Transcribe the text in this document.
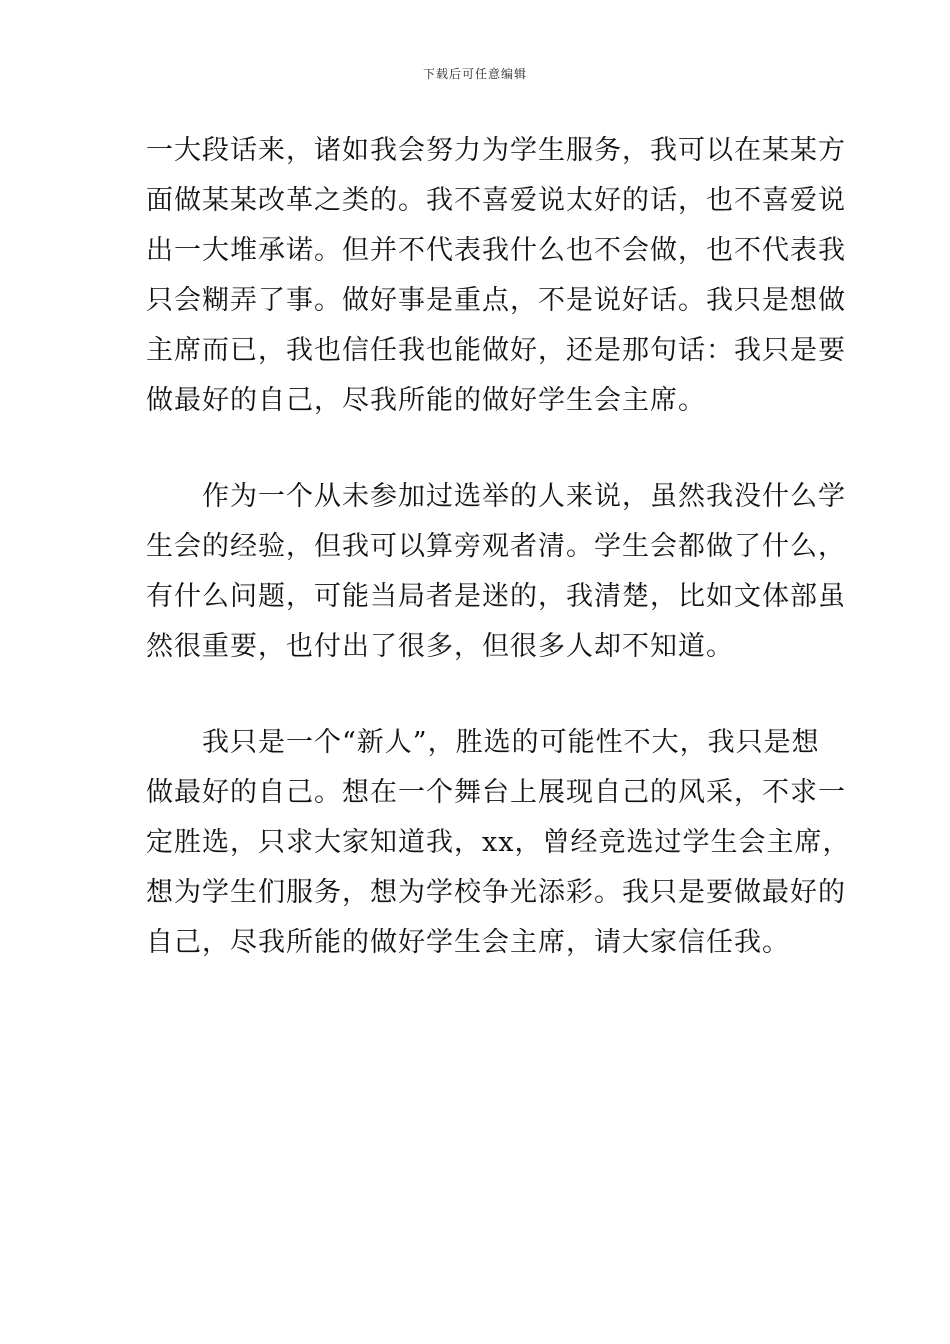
下载后可任意编辑
一大段话来，诸如我会努力为学生服务，我可以在某某方
面做某某改革之类的。我不喜爱说太好的话，也不喜爱说
出一大堆承诺。但并不代表我什么也不会做，也不代表我
只会糊弄了事。做好事是重点，不是说好话。我只是想做
主席而已，我也信任我也能做好，还是那句话：我只是要
做最好的自己，尽我所能的做好学生会主席。
　　作为一个从未参加过选举的人来说，虽然我没什么学
生会的经验，但我可以算旁观者清。学生会都做了什么，
有什么问题，可能当局者是迷的，我清楚，比如文体部虽
然很重要，也付出了很多，但很多人却不知道。
　　我只是一个“新人”，胜选的可能性不大，我只是想
做最好的自己。想在一个舞台上展现自己的风采，不求一
定胜选，只求大家知道我，xx，曾经竞选过学生会主席，
想为学生们服务，想为学校争光添彩。我只是要做最好的
自己，尽我所能的做好学生会主席，请大家信任我。
